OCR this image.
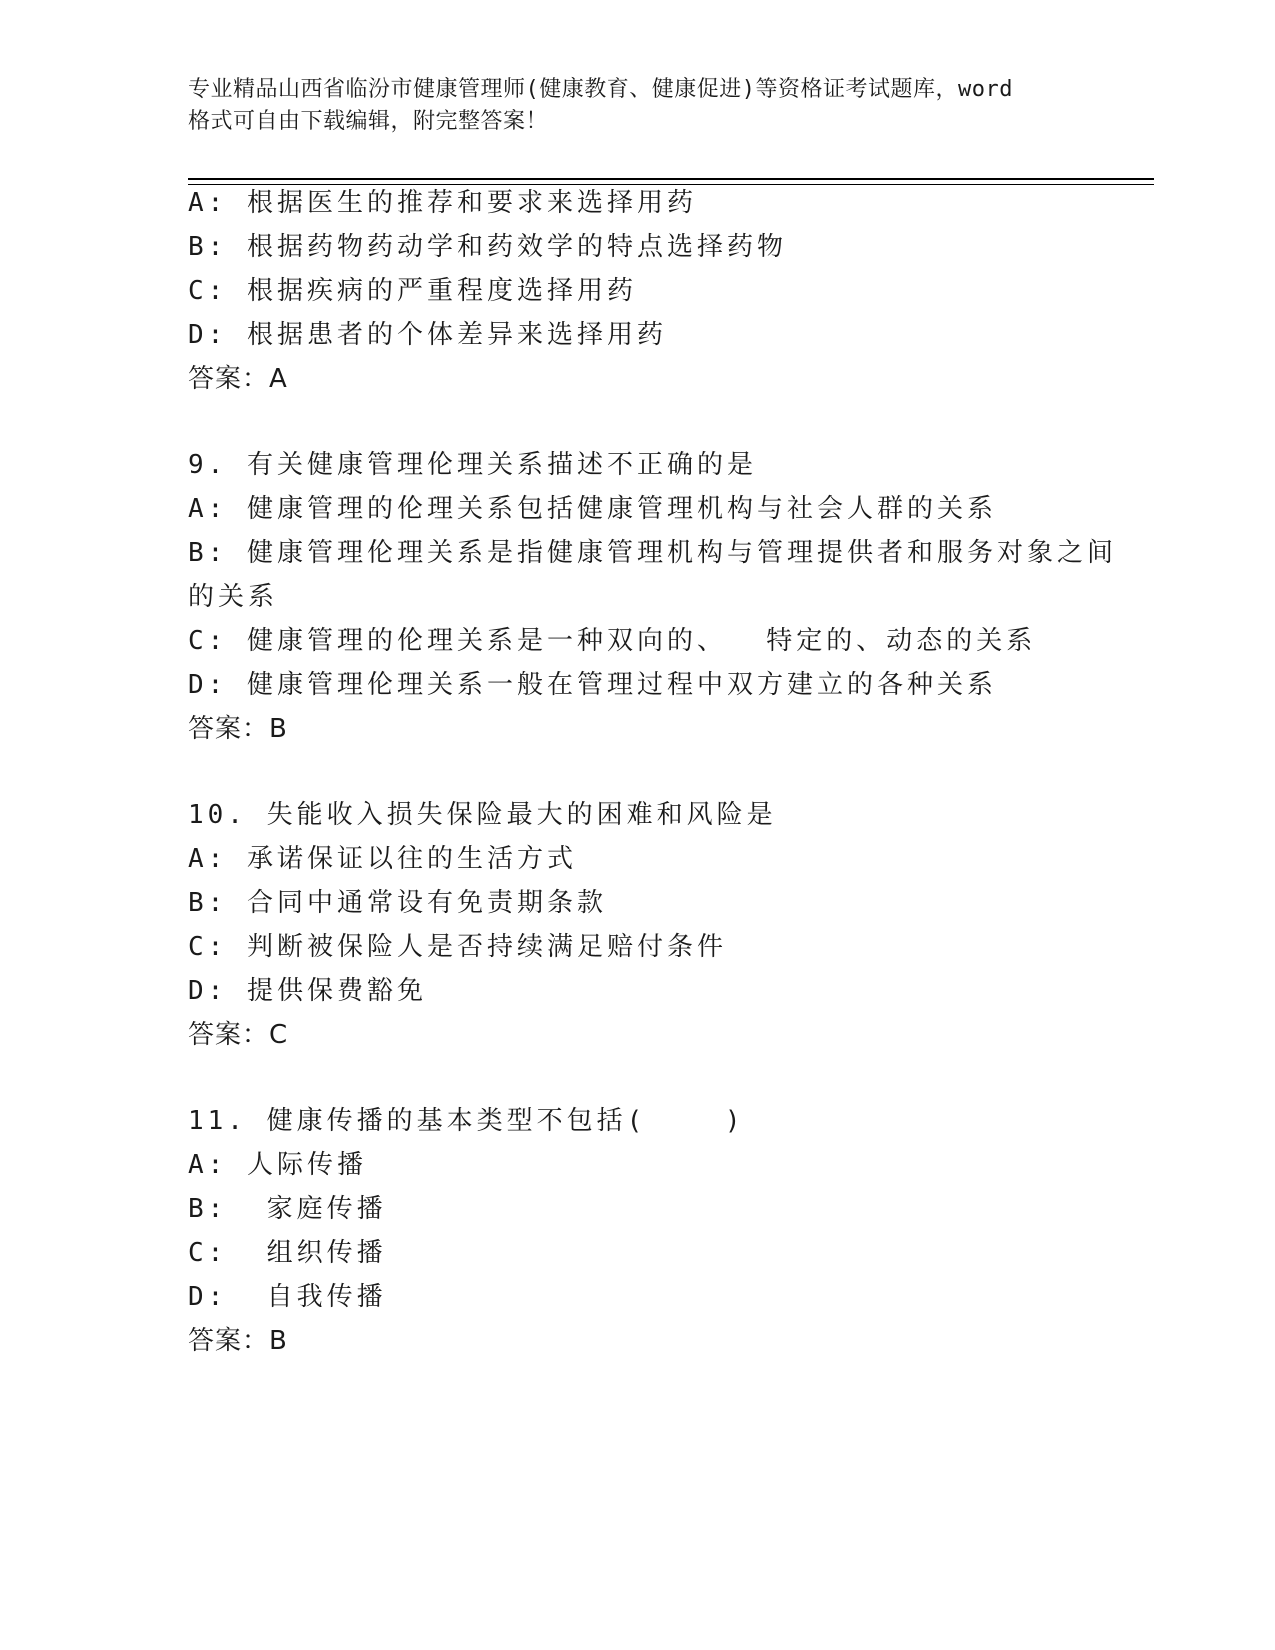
专业精品山西省临汾市健康管理师(健康教育、健康促进)等资格证考试题库，word
格式可自由下载编辑，附完整答案！
A: 根据医生的推荐和要求来选择用药
B: 根据药物药动学和药效学的特点选择药物
C: 根据疾病的严重程度选择用药
D: 根据患者的个体差异来选择用药
答案：A
9. 有关健康管理伦理关系描述不正确的是
A: 健康管理的伦理关系包括健康管理机构与社会人群的关系
B: 健康管理伦理关系是指健康管理机构与管理提供者和服务对象之间
的关系
C: 健康管理的伦理关系是一种双向的、  特定的、动态的关系
D: 健康管理伦理关系一般在管理过程中双方建立的各种关系
答案：B
10. 失能收入损失保险最大的困难和风险是
A: 承诺保证以往的生活方式
B: 合同中通常设有免责期条款
C: 判断被保险人是否持续满足赔付条件
D: 提供保费豁免
答案：C
11. 健康传播的基本类型不包括(    )
A: 人际传播
B:  家庭传播
C:  组织传播
D:  自我传播
答案：B
